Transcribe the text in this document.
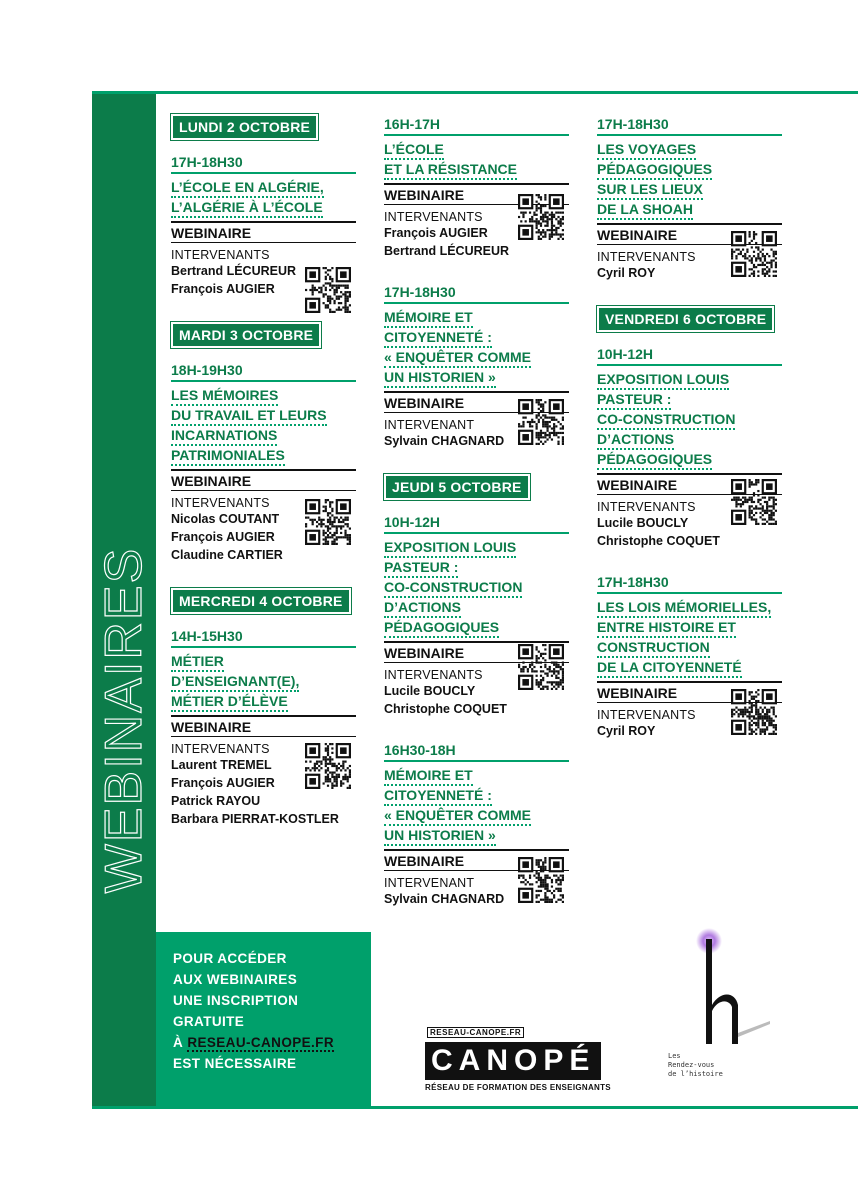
WEBINAIRES
LUNDI 2 OCTOBRE
17H-18H30
L’ÉCOLE EN ALGÉRIE,
L’ALGÉRIE À L’ÉCOLE
WEBINAIRE
INTERVENANTS
Bertrand LÉCUREUR
François AUGIER
MARDI 3 OCTOBRE
18H-19H30
LES MÉMOIRES
DU TRAVAIL ET LEURS
INCARNATIONS
PATRIMONIALES
WEBINAIRE
INTERVENANTS
Nicolas COUTANT
François AUGIER
Claudine CARTIER
MERCREDI 4 OCTOBRE
14H-15H30
MÉTIER
D’ENSEIGNANT(E),
MÉTIER D’ÉLÈVE
WEBINAIRE
INTERVENANTS
Laurent TREMEL
François AUGIER
Patrick RAYOU
Barbara PIERRAT-KOSTLER
16H-17H
L’ÉCOLE
ET LA RÉSISTANCE
WEBINAIRE
INTERVENANTS
François AUGIER
Bertrand LÉCUREUR
17H-18H30
MÉMOIRE ET
CITOYENNETÉ :
« ENQUÊTER COMME
UN HISTORIEN »
WEBINAIRE
INTERVENANT
Sylvain CHAGNARD
JEUDI 5 OCTOBRE
10H-12H
EXPOSITION LOUIS
PASTEUR :
CO-CONSTRUCTION
D’ACTIONS
PÉDAGOGIQUES
WEBINAIRE
INTERVENANTS
Lucile BOUCLY
Christophe COQUET
16H30-18H
MÉMOIRE ET
CITOYENNETÉ :
« ENQUÊTER COMME
UN HISTORIEN »
WEBINAIRE
INTERVENANT
Sylvain CHAGNARD
17H-18H30
LES VOYAGES
PÉDAGOGIQUES
SUR LES LIEUX
DE LA SHOAH
WEBINAIRE
INTERVENANTS
Cyril ROY
VENDREDI 6 OCTOBRE
10H-12H
EXPOSITION LOUIS
PASTEUR :
CO-CONSTRUCTION
D’ACTIONS
PÉDAGOGIQUES
WEBINAIRE
INTERVENANTS
Lucile BOUCLY
Christophe COQUET
17H-18H30
LES LOIS MÉMORIELLES,
ENTRE HISTOIRE ET
CONSTRUCTION
DE LA CITOYENNETÉ
WEBINAIRE
INTERVENANTS
Cyril ROY
POUR ACCÉDER
AUX WEBINAIRES
UNE INSCRIPTION
GRATUITE
À RESEAU-CANOPE.FR
EST NÉCESSAIRE
RESEAU-CANOPE.FR
CANOPÉ
RÉSEAU DE FORMATION DES ENSEIGNANTS
Les
Rendez-vous
de l’histoire
